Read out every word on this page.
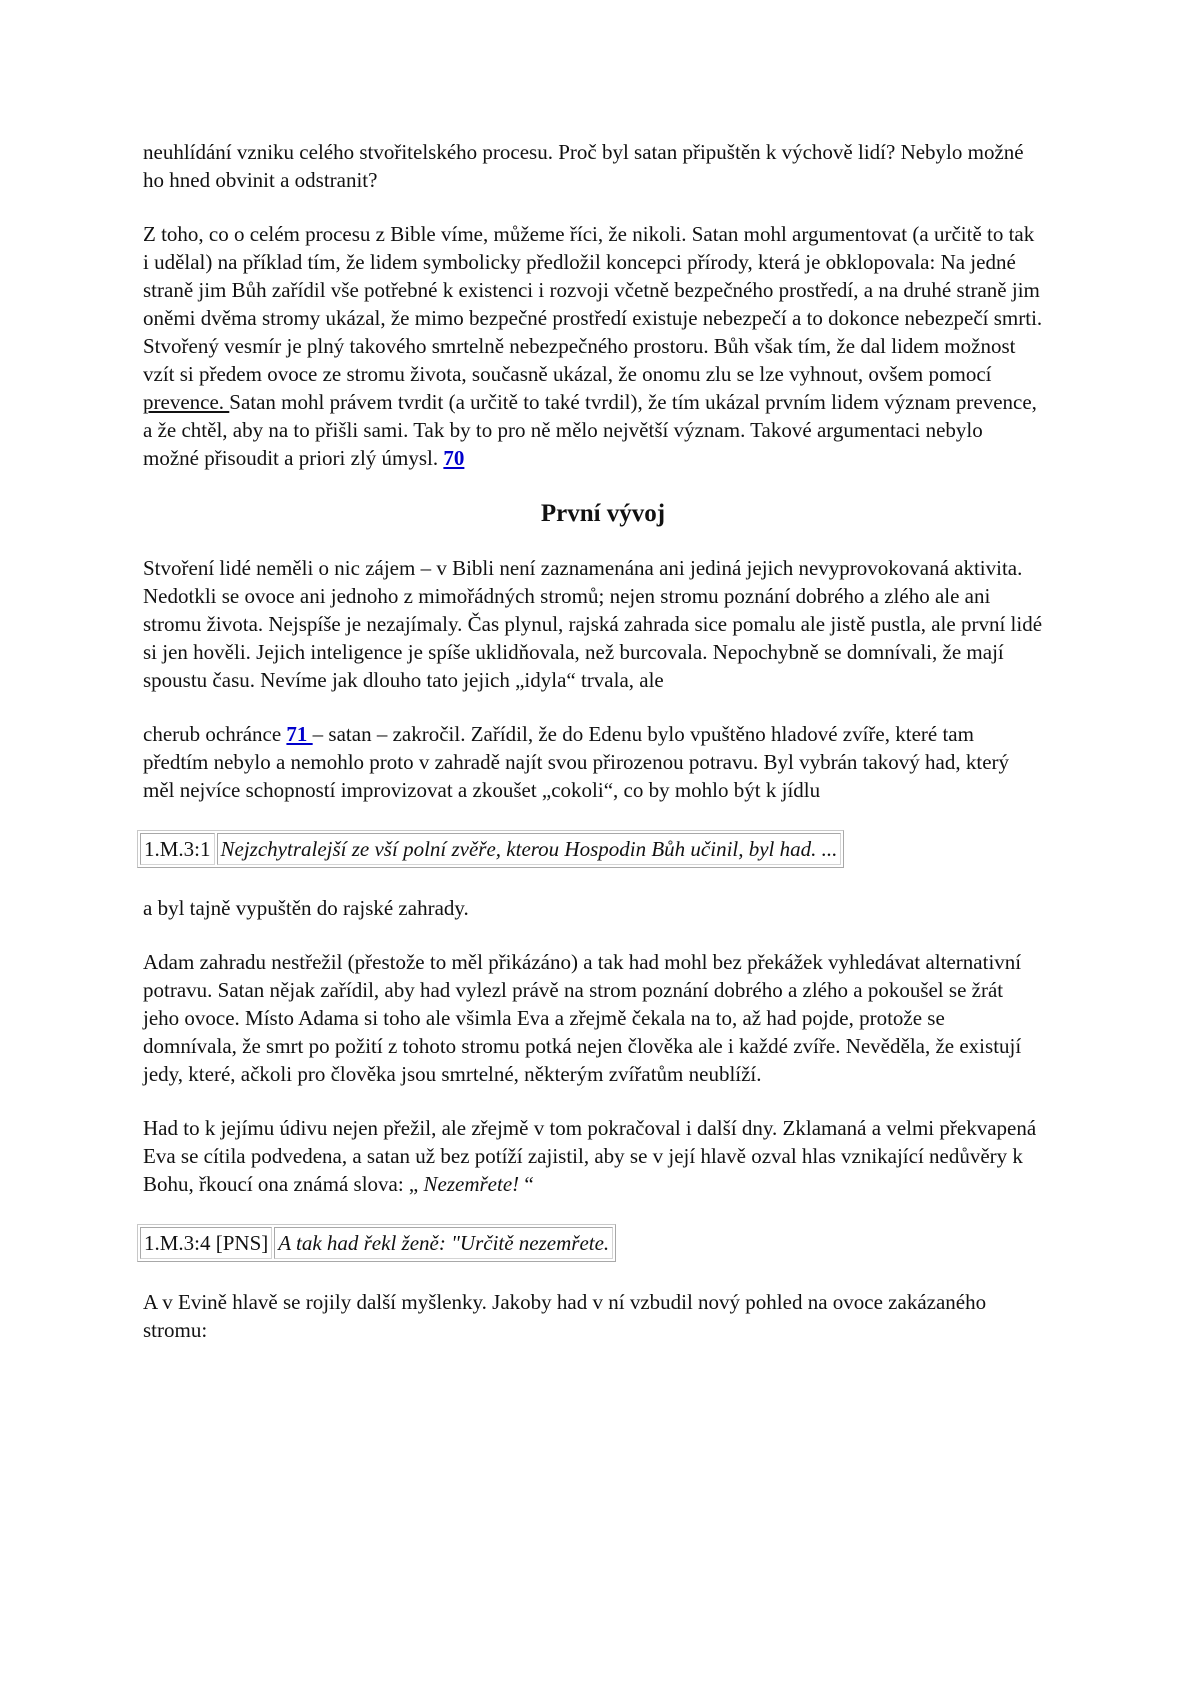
neuhlídání vzniku celého stvořitelského procesu. Proč byl satan připuštěn k výchově lidí? Nebylo možné ho hned obvinit a odstranit?

Z toho, co o celém procesu z Bible víme, můžeme říci, že nikoli. Satan mohl argumentovat (a určitě to tak i udělal) na příklad tím, že lidem symbolicky předložil koncepci přírody, která je obklopovala: Na jedné straně jim Bůh zařídil vše potřebné k existenci i rozvoji včetně bezpečného prostředí, a na druhé straně jim oněmi dvěma stromy ukázal, že mimo bezpečné prostředí existuje nebezpečí a to dokonce nebezpečí smrti. Stvořený vesmír je plný takového smrtelně nebezpečného prostoru. Bůh však tím, že dal lidem možnost vzít si předem ovoce ze stromu života, současně ukázal, že onomu zlu se lze vyhnout, ovšem pomocí prevence. Satan mohl právem tvrdit (a určitě to také tvrdil), že tím ukázal prvním lidem význam prevence, a že chtěl, aby na to přišli sami. Tak by to pro ně mělo největší význam. Takové argumentaci nebylo možné přisoudit a priori zlý úmysl. 70

První vývoj

Stvoření lidé neměli o nic zájem – v Bibli není zaznamenána ani jediná jejich nevyprovokovaná aktivita. Nedotkli se ovoce ani jednoho z mimořádných stromů; nejen stromu poznání dobrého a zlého ale ani stromu života. Nejspíše je nezajímaly. Čas plynul, rajská zahrada sice pomalu ale jistě pustla, ale první lidé si jen hověli. Jejich inteligence je spíše uklidňovala, než burcovala. Nepochybně se domnívali, že mají spoustu času. Nevíme jak dlouho tato jejich „idyla“ trvala, ale

cherub ochránce 71 – satan – zakročil. Zařídil, že do Edenu bylo vpuštěno hladové zvíře, které tam předtím nebylo a nemohlo proto v zahradě najít svou přirozenou potravu. Byl vybrán takový had, který měl nejvíce schopností improvizovat a zkoušet „cokoli“, co by mohlo být k jídlu

1.M.3:1	Nejzchytralejší ze vší polní zvěře, kterou Hospodin Bůh učinil, byl had. ...

a byl tajně vypuštěn do rajské zahrady.

Adam zahradu nestřežil (přestože to měl přikázáno) a tak had mohl bez překážek vyhledávat alternativní potravu. Satan nějak zařídil, aby had vylezl právě na strom poznání dobrého a zlého a pokoušel se žrát jeho ovoce. Místo Adama si toho ale všimla Eva a zřejmě čekala na to, až had pojde, protože se domnívala, že smrt po požití z tohoto stromu potká nejen člověka ale i každé zvíře. Nevěděla, že existují jedy, které, ačkoli pro člověka jsou smrtelné, některým zvířatům neublíží.

Had to k jejímu údivu nejen přežil, ale zřejmě v tom pokračoval i další dny. Zklamaná a velmi překvapená Eva se cítila podvedena, a satan už bez potíží zajistil, aby se v její hlavě ozval hlas vznikající nedůvěry k Bohu, řkoucí ona známá slova: „ Nezemřete! “

1.M.3:4 [PNS]	A tak had řekl ženě: "Určitě nezemřete.

A v Evině hlavě se rojily další myšlenky. Jakoby had v ní vzbudil nový pohled na ovoce zakázaného stromu:
